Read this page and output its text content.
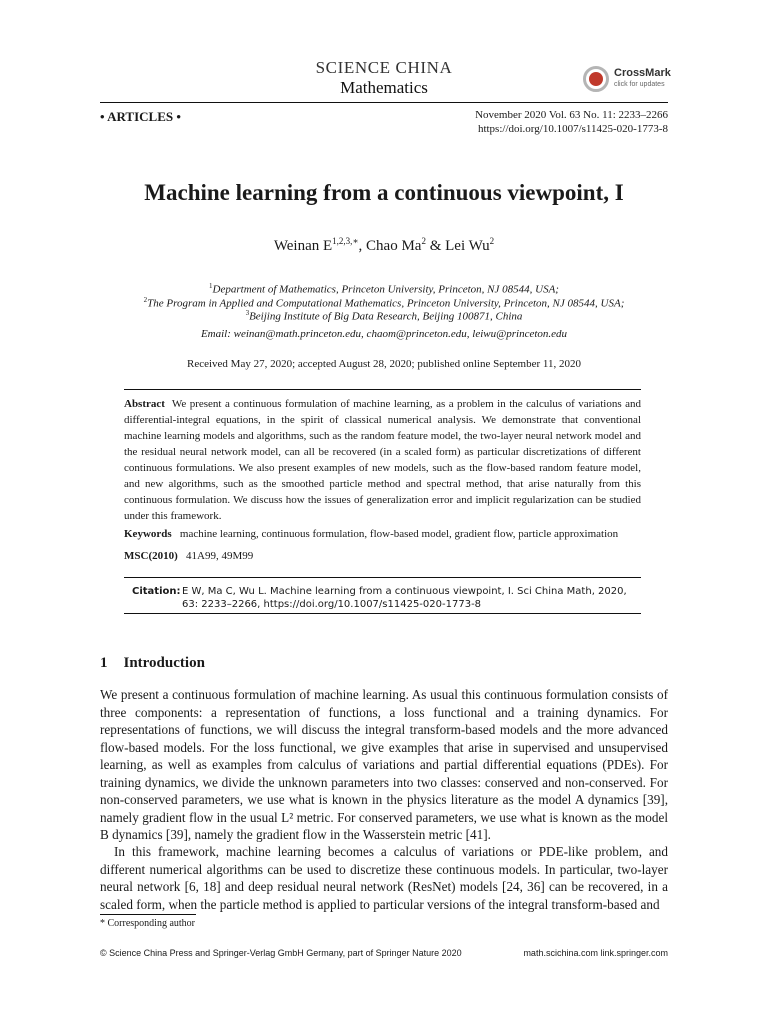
SCIENCE CHINA
Mathematics
CrossMark
click for updates
• ARTICLES •	November 2020 Vol. 63 No. 11: 2233–2266
https://doi.org/10.1007/s11425-020-1773-8
Machine learning from a continuous viewpoint, I
Weinan $E^{1,2,3,∗}$, Chao Ma$^2$ & Lei Wu$^2$
$^1$Department of Mathematics, Princeton University, Princeton, NJ 08544, USA;
$^2$The Program in Applied and Computational Mathematics, Princeton University, Princeton, NJ 08544, USA;
$^3$Beijing Institute of Big Data Research, Beijing 100871, China
Email: weinan@math.princeton.edu, chaom@princeton.edu, leiwu@princeton.edu
Received May 27, 2020; accepted August 28, 2020; published online September 11, 2020
Abstract We present a continuous formulation of machine learning, as a problem in the calculus of variations and differential-integral equations, in the spirit of classical numerical analysis. We demonstrate that conventional machine learning models and algorithms, such as the random feature model, the two-layer neural network model and the residual neural network model, can all be recovered (in a scaled form) as particular discretizations of different continuous formulations. We also present examples of new models, such as the flow-based random feature model, and new algorithms, such as the smoothed particle method and spectral method, that arise naturally from this continuous formulation. We discuss how the issues of generalization error and implicit regularization can be studied under this framework.
Keywords machine learning, continuous formulation, flow-based model, gradient flow, particle approximation
MSC(2010) 41A99, 49M99
Citation: E W, Ma C, Wu L. Machine learning from a continuous viewpoint, I. Sci China Math, 2020, 63: 2233–2266, https://doi.org/10.1007/s11425-020-1773-8
1 Introduction
We present a continuous formulation of machine learning. As usual this continuous formulation consists of three components: a representation of functions, a loss functional and a training dynamics. For representations of functions, we will discuss the integral transform-based models and the more advanced flow-based models. For the loss functional, we give examples that arise in supervised and unsupervised learning, as well as examples from calculus of variations and partial differential equations (PDEs). For training dynamics, we divide the unknown parameters into two classes: conserved and non-conserved. For non-conserved parameters, we use what is known in the physics literature as the model A dynamics [39], namely gradient flow in the usual L² metric. For conserved parameters, we use what is known as the model B dynamics [39], namely the gradient flow in the Wasserstein metric [41].
In this framework, machine learning becomes a calculus of variations or PDE-like problem, and different numerical algorithms can be used to discretize these continuous models. In particular, two-layer neural network [6, 18] and deep residual neural network (ResNet) models [24, 36] can be recovered, in a scaled form, when the particle method is applied to particular versions of the integral transform-based and
* Corresponding author
© Science China Press and Springer-Verlag GmbH Germany, part of Springer Nature 2020	math.scichina.com link.springer.com
